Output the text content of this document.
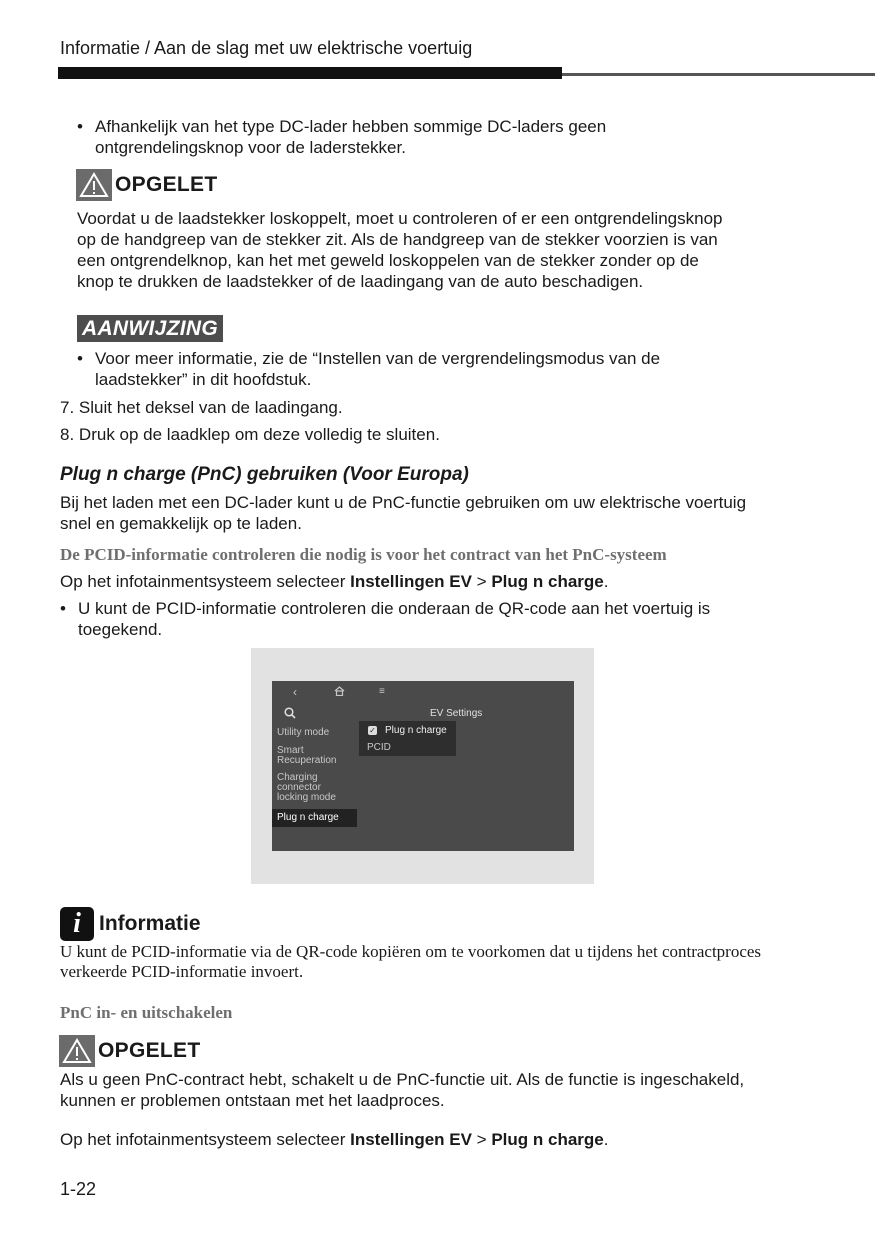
Informatie / Aan de slag met uw elektrische voertuig
• Afhankelijk van het type DC-lader hebben sommige DC-laders geen ontgrendelingsknop voor de laderstekker.
OPGELET
Voordat u de laadstekker loskoppelt, moet u controleren of er een ontgrendelingsknop
op de handgreep van de stekker zit. Als de handgreep van de stekker voorzien is van
een ontgrendelknop, kan het met geweld loskoppelen van de stekker zonder op de
knop te drukken de laadstekker of de laadingang van de auto beschadigen.
AANWIJZING
• Voor meer informatie, zie de “Instellen van de vergrendelingsmodus van de laadstekker” in dit hoofdstuk.
7. Sluit het deksel van de laadingang.
8. Druk op de laadklep om deze volledig te sluiten.
Plug n charge (PnC) gebruiken (Voor Europa)
Bij het laden met een DC-lader kunt u de PnC-functie gebruiken om uw elektrische voertuig
snel en gemakkelijk op te laden.
De PCID-informatie controleren die nodig is voor het contract van het PnC-systeem
Op het infotainmentsysteem selecteer Instellingen EV > Plug n charge.
• U kunt de PCID-informatie controleren die onderaan de QR-code aan het voertuig is toegekend.
‹	≡
EV Settings
Utility mode
Smart Recuperation
Charging connector locking mode
Plug n charge
✓ Plug n charge
PCID
i Informatie
U kunt de PCID-informatie via de QR-code kopiëren om te voorkomen dat u tijdens het contractproces
verkeerde PCID-informatie invoert.
PnC in- en uitschakelen
OPGELET
Als u geen PnC-contract hebt, schakelt u de PnC-functie uit. Als de functie is ingeschakeld,
kunnen er problemen ontstaan met het laadproces.
Op het infotainmentsysteem selecteer Instellingen EV > Plug n charge.
1-22
